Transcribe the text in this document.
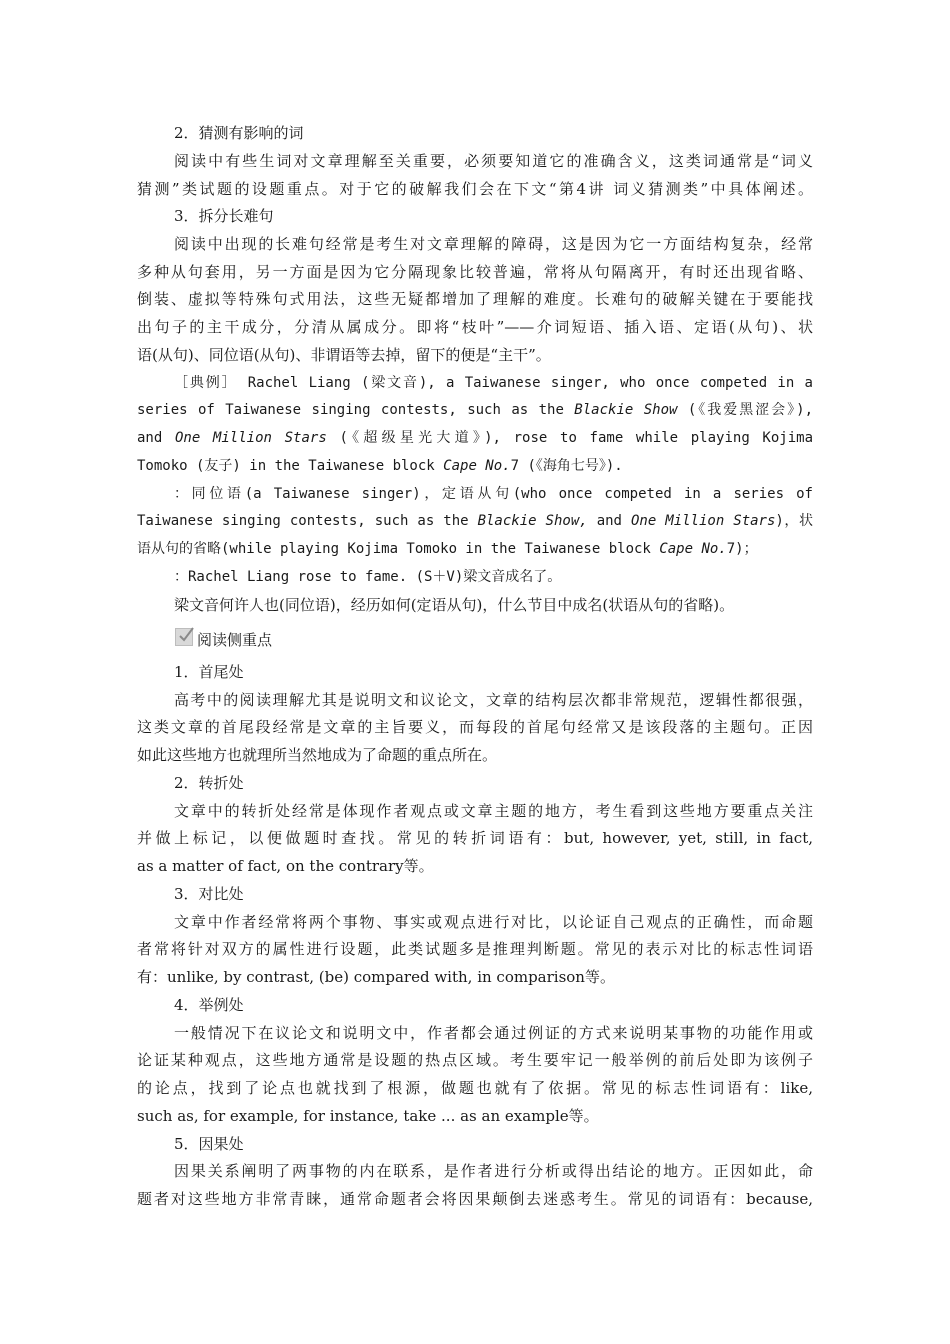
2．猜测有影响的词
阅读中有些生词对文章理解至关重要，必须要知道它的准确含义，这类词通常是“词义
猜测”类试题的设题重点。对于它的破解我们会在下文“第4讲 词义猜测类”中具体阐述。
3．拆分长难句
阅读中出现的长难句经常是考生对文章理解的障碍，这是因为它一方面结构复杂，经常
多种从句套用，另一方面是因为它分隔现象比较普遍，常将从句隔离开，有时还出现省略、
倒装、虚拟等特殊句式用法，这些无疑都增加了理解的难度。长难句的破解关键在于要能找
出句子的主干成分，分清从属成分。即将“枝叶”——介词短语、插入语、定语(从句)、状
语(从句)、同位语(从句)、非谓语等去掉，留下的便是“主干”。
［典例］ Rachel Liang (梁文音), a Taiwanese singer, who once competed in a
series of Taiwanese singing contests, such as the Blackie Show (《我爱黑涩会》),
and One Million Stars (《超级星光大道》), rose to fame while playing Kojima
Tomoko (友子) in the Taiwanese block Cape No.7 (《海角七号》).
：同位语(a Taiwanese singer)，定语从句(who once competed in a series of
Taiwanese singing contests, such as the Blackie Show, and One Million Stars)，状
语从句的省略(while playing Kojima Tomoko in the Taiwanese block Cape No.7)；
：Rachel Liang rose to fame. (S＋V)梁文音成名了。
梁文音何许人也(同位语)，经历如何(定语从句)，什么节目中成名(状语从句的省略)。
阅读侧重点
1．首尾处
高考中的阅读理解尤其是说明文和议论文，文章的结构层次都非常规范，逻辑性都很强，
这类文章的首尾段经常是文章的主旨要义，而每段的首尾句经常又是该段落的主题句。正因
如此这些地方也就理所当然地成为了命题的重点所在。
2．转折处
文章中的转折处经常是体现作者观点或文章主题的地方，考生看到这些地方要重点关注
并做上标记，以便做题时查找。常见的转折词语有：but, however, yet, still, in fact,
as a matter of fact, on the contrary等。
3．对比处
文章中作者经常将两个事物、事实或观点进行对比，以论证自己观点的正确性，而命题
者常将针对双方的属性进行设题，此类试题多是推理判断题。常见的表示对比的标志性词语
有：unlike, by contrast, (be) compared with, in comparison等。
4．举例处
一般情况下在议论文和说明文中，作者都会通过例证的方式来说明某事物的功能作用或
论证某种观点，这些地方通常是设题的热点区域。考生要牢记一般举例的前后处即为该例子
的论点，找到了论点也就找到了根源，做题也就有了依据。常见的标志性词语有：like,
such as, for example, for instance, take ... as an example等。
5．因果处
因果关系阐明了两事物的内在联系，是作者进行分析或得出结论的地方。正因如此，命
题者对这些地方非常青睐，通常命题者会将因果颠倒去迷惑考生。常见的词语有：because,
